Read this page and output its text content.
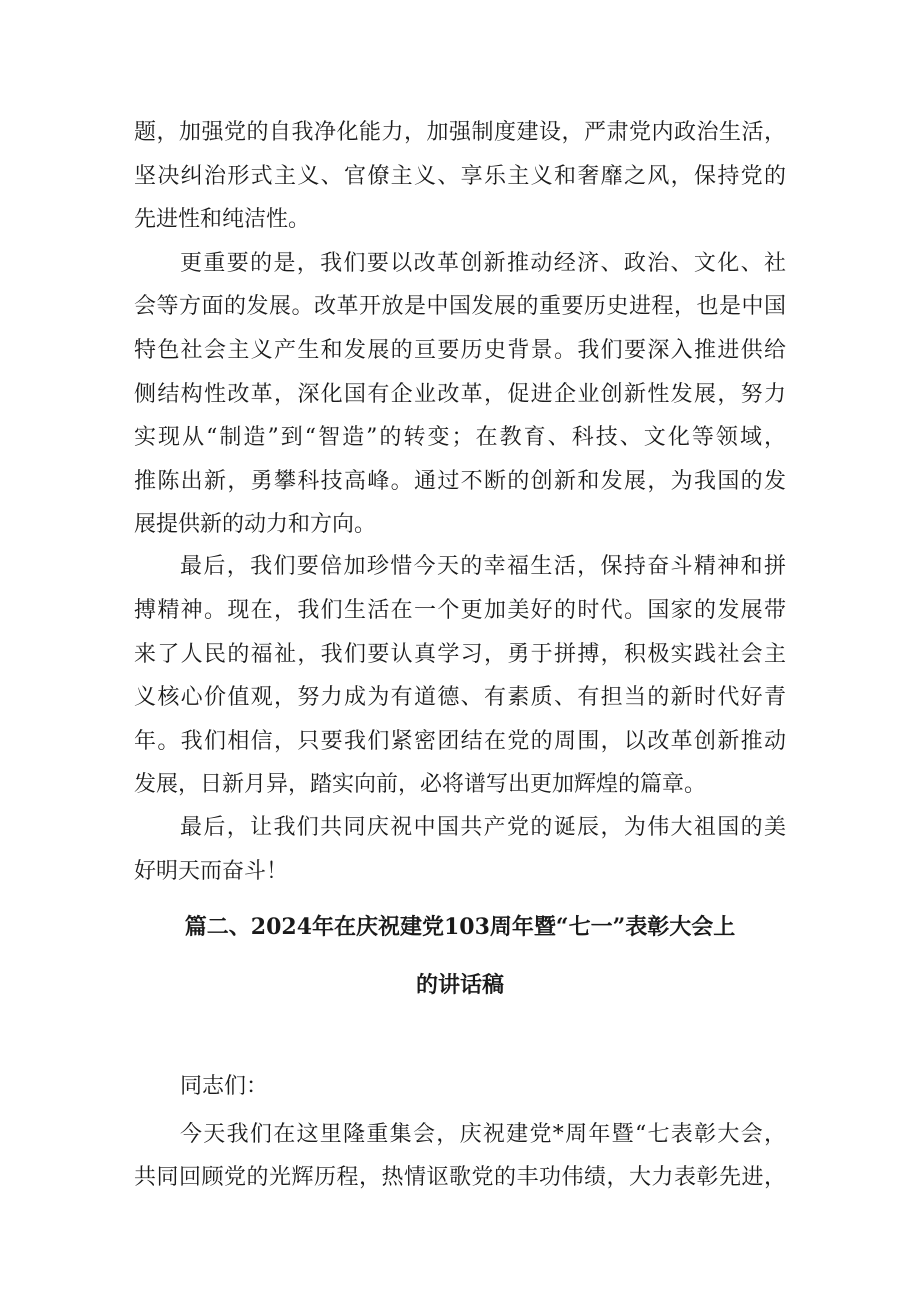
题，加强党的自我净化能力，加强制度建设，严肃党内政治生活，
坚决纠治形式主义、官僚主义、享乐主义和奢靡之风，保持党的
先进性和纯洁性。
更重要的是，我们要以改革创新推动经济、政治、文化、社
会等方面的发展。改革开放是中国发展的重要历史进程，也是中国
特色社会主义产生和发展的亘要历史背景。我们要深入推进供给
侧结构性改革，深化国有企业改革，促进企业创新性发展，努力
实现从“制造”到“智造”的转变；在教育、科技、文化等领域，
推陈出新，勇攀科技高峰。通过不断的创新和发展，为我国的发
展提供新的动力和方向。
最后，我们要倍加珍惜今天的幸福生活，保持奋斗精神和拼
搏精神。现在，我们生活在一个更加美好的时代。国家的发展带
来了人民的福祉，我们要认真学习，勇于拼搏，积极实践社会主
义核心价值观，努力成为有道德、有素质、有担当的新时代好青
年。我们相信，只要我们紧密团结在党的周围，以改革创新推动
发展，日新月异，踏实向前，必将谱写出更加辉煌的篇章。
最后，让我们共同庆祝中国共产党的诞辰，为伟大祖国的美
好明天而奋斗！
篇二、2024年在庆祝建党103周年暨“七一”表彰大会上
的讲话稿
同志们：
今天我们在这里隆重集会，庆祝建党*周年暨“七表彰大会，
共同回顾党的光辉历程，热情讴歌党的丰功伟绩，大力表彰先进，
